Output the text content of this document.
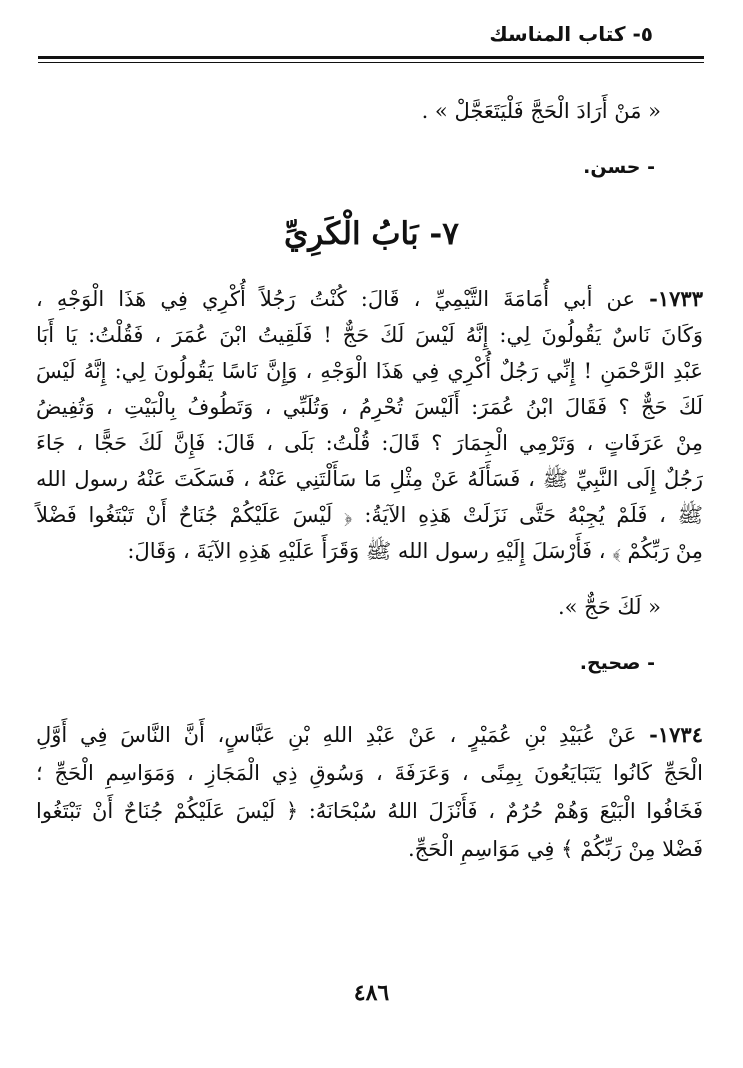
٥- كتاب المناسك
« مَنْ أَرَادَ الْحَجَّ فَلْيَتَعَجَّلْ » .
- حسن.
٧- بَابُ الْكَرِيِّ
١٧٣٣- عن أبي أُمَامَةَ التَّيْمِيِّ ، قَالَ: كُنْتُ رَجُلاً أُكْرِي فِي هَذَا الْوَجْهِ ،
وَكَانَ نَاسٌ يَقُولُونَ لِي: إِنَّهُ لَيْسَ لَكَ حَجٌّ ! فَلَقِيتُ ابْنَ عُمَرَ ، فَقُلْتُ: يَا أَبَا
عَبْدِ الرَّحْمَنِ ! إِنِّي رَجُلٌ أُكْرِي فِي هَذَا الْوَجْهِ ، وَإِنَّ نَاسًا يَقُولُونَ لِي: إِنَّهُ لَيْسَ
لَكَ حَجٌّ ؟ فَقَالَ ابْنُ عُمَرَ: أَلَيْسَ تُحْرِمُ ، وَتُلَبِّي ، وَتَطُوفُ بِالْبَيْتِ ، وَتُفِيضُ
مِنْ عَرَفَاتٍ ، وَتَرْمِي الْجِمَارَ ؟ قَالَ: قُلْتُ: بَلَى ، قَالَ: فَإِنَّ لَكَ حَجًّا ، جَاءَ
رَجُلٌ إِلَى النَّبِيِّ ﷺ ، فَسَأَلَهُ عَنْ مِثْلِ مَا سَأَلْتَنِي عَنْهُ ، فَسَكَتَ عَنْهُ رسول الله
ﷺ ، فَلَمْ يُجِبْهُ حَتَّى نَزَلَتْ هَذِهِ الآيَةُ: ﴿ لَيْسَ عَلَيْكُمْ جُنَاحٌ أَنْ تَبْتَغُوا فَضْلاً
مِنْ رَبِّكُمْ ﴾ ، فَأَرْسَلَ إِلَيْهِ رسول الله ﷺ وَقَرَأَ عَلَيْهِ هَذِهِ الآيَةَ ، وَقَالَ:
« لَكَ حَجٌّ ».
- صحيح.
١٧٣٤- عَنْ عُبَيْدِ بْنِ عُمَيْرٍ ، عَنْ عَبْدِ اللهِ بْنِ عَبَّاسٍ، أَنَّ النَّاسَ فِي أَوَّلِ
الْحَجِّ كَانُوا يَتَبَايَعُونَ بِمِنًى ، وَعَرَفَةَ ، وَسُوقِ ذِي الْمَجَازِ ، وَمَوَاسِمِ الْحَجِّ ؛
فَخَافُوا الْبَيْعَ وَهُمْ حُرُمٌ ، فَأَنْزَلَ اللهُ سُبْحَانَهُ: ﴿ لَيْسَ عَلَيْكُمْ جُنَاحٌ أَنْ تَبْتَغُوا
فَضْلا مِنْ رَبِّكُمْ ﴾ فِي مَوَاسِمِ الْحَجِّ.
٤٨٦
